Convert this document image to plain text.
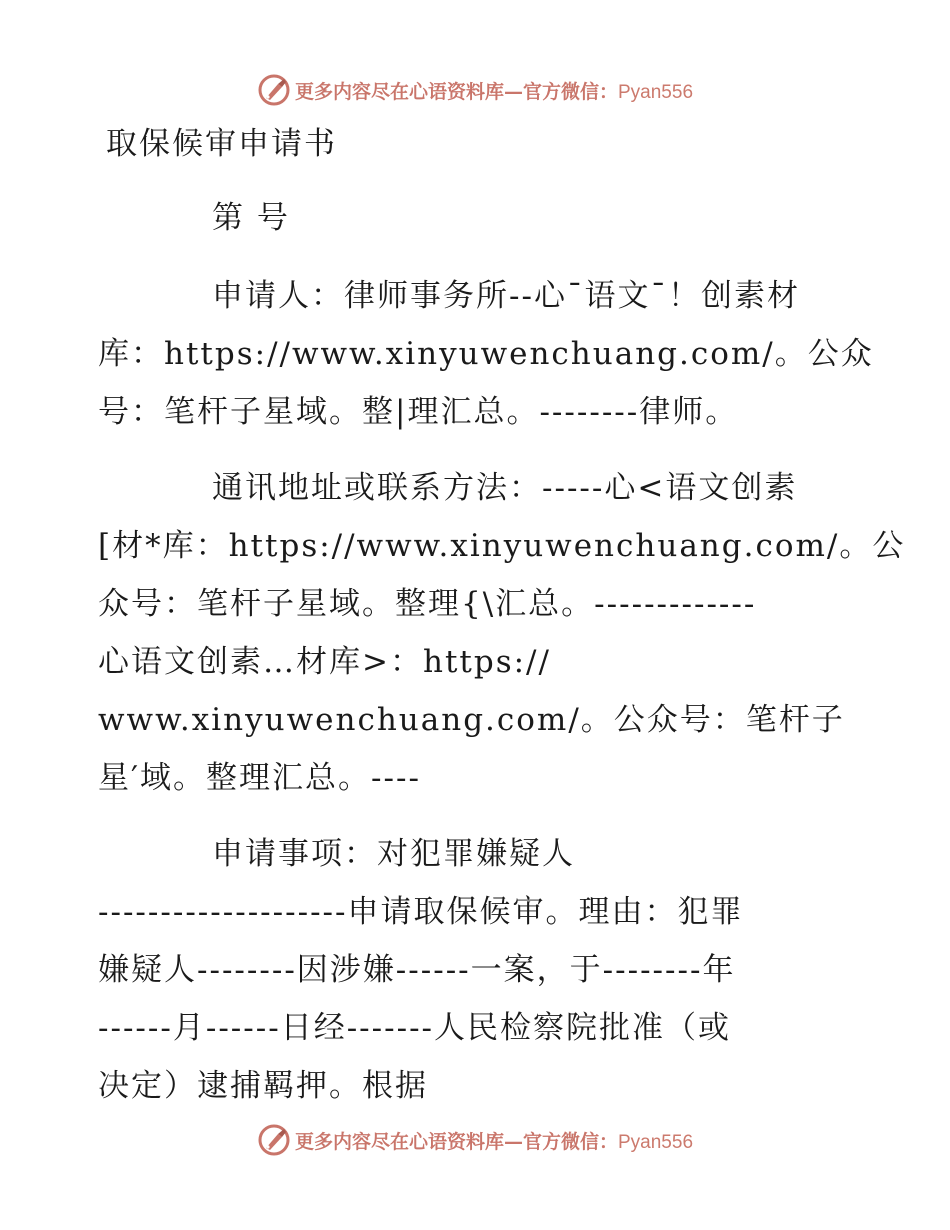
更多内容尽在心语资料库—官方微信：Pyan556
取保候审申请书
第 号
申请人：律师事务所--心¯语文¯！创素材
库：https://www.xinyuwenchuang.com/。公众
号：笔杆子星域。整|理汇总。--------律师。
通讯地址或联系方法：-----心<语文创素
[材*库：https://www.xinyuwenchuang.com/。公
众号：笔杆子星域。整理{\汇总。-------------
心语文创素…材库>：https://
www.xinyuwenchuang.com/。公众号：笔杆子
星′域。整理汇总。----
申请事项：对犯罪嫌疑人
--------------------申请取保候审。理由：犯罪
嫌疑人--------因涉嫌------一案，于--------年
------月------日经-------人民检察院批准（或
决定）逮捕羁押。根据
更多内容尽在心语资料库—官方微信：Pyan556
